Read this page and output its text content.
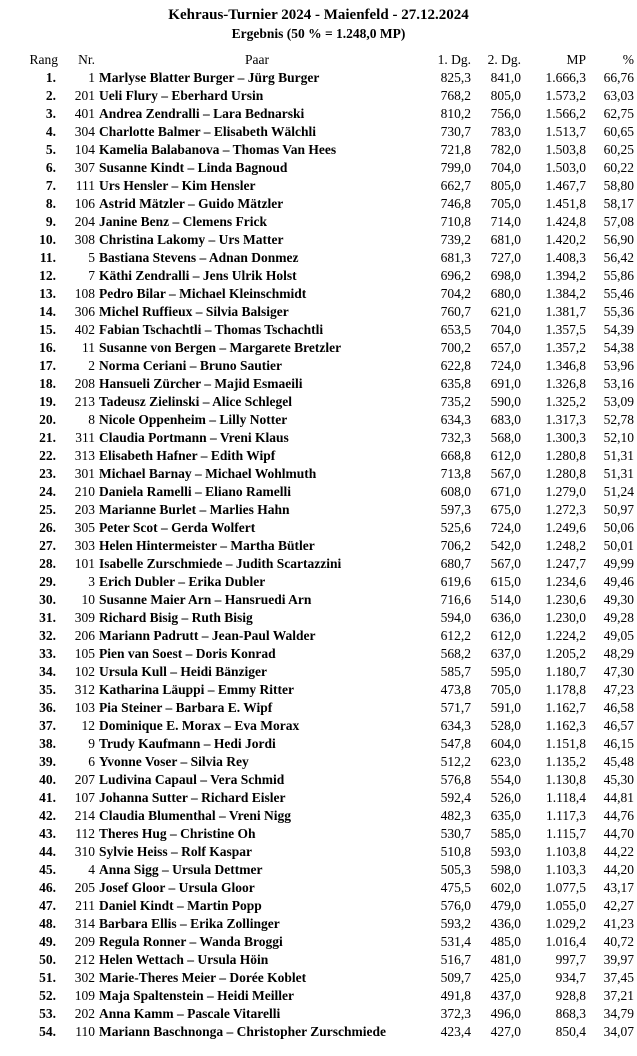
Kehraus-Turnier 2024 - Maienfeld - 27.12.2024
Ergebnis (50 % = 1.248,0 MP)
Rang	Nr.	Paar	1. Dg.	2. Dg.	MP	%
1.	1	Marlyse Blatter Burger – Jürg Burger	825,3	841,0	1.666,3	66,76
2.	201	Ueli Flury – Eberhard Ursin	768,2	805,0	1.573,2	63,03
3.	401	Andrea Zendralli – Lara Bednarski	810,2	756,0	1.566,2	62,75
4.	304	Charlotte Balmer – Elisabeth Wälchli	730,7	783,0	1.513,7	60,65
5.	104	Kamelia Balabanova – Thomas Van Hees	721,8	782,0	1.503,8	60,25
6.	307	Susanne Kindt – Linda Bagnoud	799,0	704,0	1.503,0	60,22
7.	111	Urs Hensler – Kim Hensler	662,7	805,0	1.467,7	58,80
8.	106	Astrid Mätzler – Guido Mätzler	746,8	705,0	1.451,8	58,17
9.	204	Janine Benz – Clemens Frick	710,8	714,0	1.424,8	57,08
10.	308	Christina Lakomy – Urs Matter	739,2	681,0	1.420,2	56,90
11.	5	Bastiana Stevens – Adnan Donmez	681,3	727,0	1.408,3	56,42
12.	7	Käthi Zendralli – Jens Ulrik Holst	696,2	698,0	1.394,2	55,86
13.	108	Pedro Bilar – Michael Kleinschmidt	704,2	680,0	1.384,2	55,46
14.	306	Michel Ruffieux – Silvia Balsiger	760,7	621,0	1.381,7	55,36
15.	402	Fabian Tschachtli – Thomas Tschachtli	653,5	704,0	1.357,5	54,39
16.	11	Susanne von Bergen – Margarete Bretzler	700,2	657,0	1.357,2	54,38
17.	2	Norma Ceriani – Bruno Sautier	622,8	724,0	1.346,8	53,96
18.	208	Hansueli Zürcher – Majid Esmaeili	635,8	691,0	1.326,8	53,16
19.	213	Tadeusz Zielinski – Alice Schlegel	735,2	590,0	1.325,2	53,09
20.	8	Nicole Oppenheim – Lilly Notter	634,3	683,0	1.317,3	52,78
21.	311	Claudia Portmann – Vreni Klaus	732,3	568,0	1.300,3	52,10
22.	313	Elisabeth Hafner – Edith Wipf	668,8	612,0	1.280,8	51,31
23.	301	Michael Barnay – Michael Wohlmuth	713,8	567,0	1.280,8	51,31
24.	210	Daniela Ramelli – Eliano Ramelli	608,0	671,0	1.279,0	51,24
25.	203	Marianne Burlet – Marlies Hahn	597,3	675,0	1.272,3	50,97
26.	305	Peter Scot – Gerda Wolfert	525,6	724,0	1.249,6	50,06
27.	303	Helen Hintermeister – Martha Bütler	706,2	542,0	1.248,2	50,01
28.	101	Isabelle Zurschmiede – Judith Scartazzini	680,7	567,0	1.247,7	49,99
29.	3	Erich Dubler – Erika Dubler	619,6	615,0	1.234,6	49,46
30.	10	Susanne Maier Arn – Hansruedi Arn	716,6	514,0	1.230,6	49,30
31.	309	Richard Bisig – Ruth Bisig	594,0	636,0	1.230,0	49,28
32.	206	Mariann Padrutt – Jean-Paul Walder	612,2	612,0	1.224,2	49,05
33.	105	Pien van Soest – Doris Konrad	568,2	637,0	1.205,2	48,29
34.	102	Ursula Kull – Heidi Bänziger	585,7	595,0	1.180,7	47,30
35.	312	Katharina Läuppi – Emmy Ritter	473,8	705,0	1.178,8	47,23
36.	103	Pia Steiner – Barbara E. Wipf	571,7	591,0	1.162,7	46,58
37.	12	Dominique E. Morax – Eva Morax	634,3	528,0	1.162,3	46,57
38.	9	Trudy Kaufmann – Hedi Jordi	547,8	604,0	1.151,8	46,15
39.	6	Yvonne Voser – Silvia Rey	512,2	623,0	1.135,2	45,48
40.	207	Ludivina Capaul – Vera Schmid	576,8	554,0	1.130,8	45,30
41.	107	Johanna Sutter – Richard Eisler	592,4	526,0	1.118,4	44,81
42.	214	Claudia Blumenthal – Vreni Nigg	482,3	635,0	1.117,3	44,76
43.	112	Theres Hug – Christine Oh	530,7	585,0	1.115,7	44,70
44.	310	Sylvie Heiss – Rolf Kaspar	510,8	593,0	1.103,8	44,22
45.	4	Anna Sigg – Ursula Dettmer	505,3	598,0	1.103,3	44,20
46.	205	Josef Gloor – Ursula Gloor	475,5	602,0	1.077,5	43,17
47.	211	Daniel Kindt – Martin Popp	576,0	479,0	1.055,0	42,27
48.	314	Barbara Ellis – Erika Zollinger	593,2	436,0	1.029,2	41,23
49.	209	Regula Ronner – Wanda Broggi	531,4	485,0	1.016,4	40,72
50.	212	Helen Wettach – Ursula Höin	516,7	481,0	997,7	39,97
51.	302	Marie-Theres Meier – Dorée Koblet	509,7	425,0	934,7	37,45
52.	109	Maja Spaltenstein – Heidi Meiller	491,8	437,0	928,8	37,21
53.	202	Anna Kamm – Pascale Vitarelli	372,3	496,0	868,3	34,79
54.	110	Mariann Baschnonga – Christopher Zurschmiede	423,4	427,0	850,4	34,07
